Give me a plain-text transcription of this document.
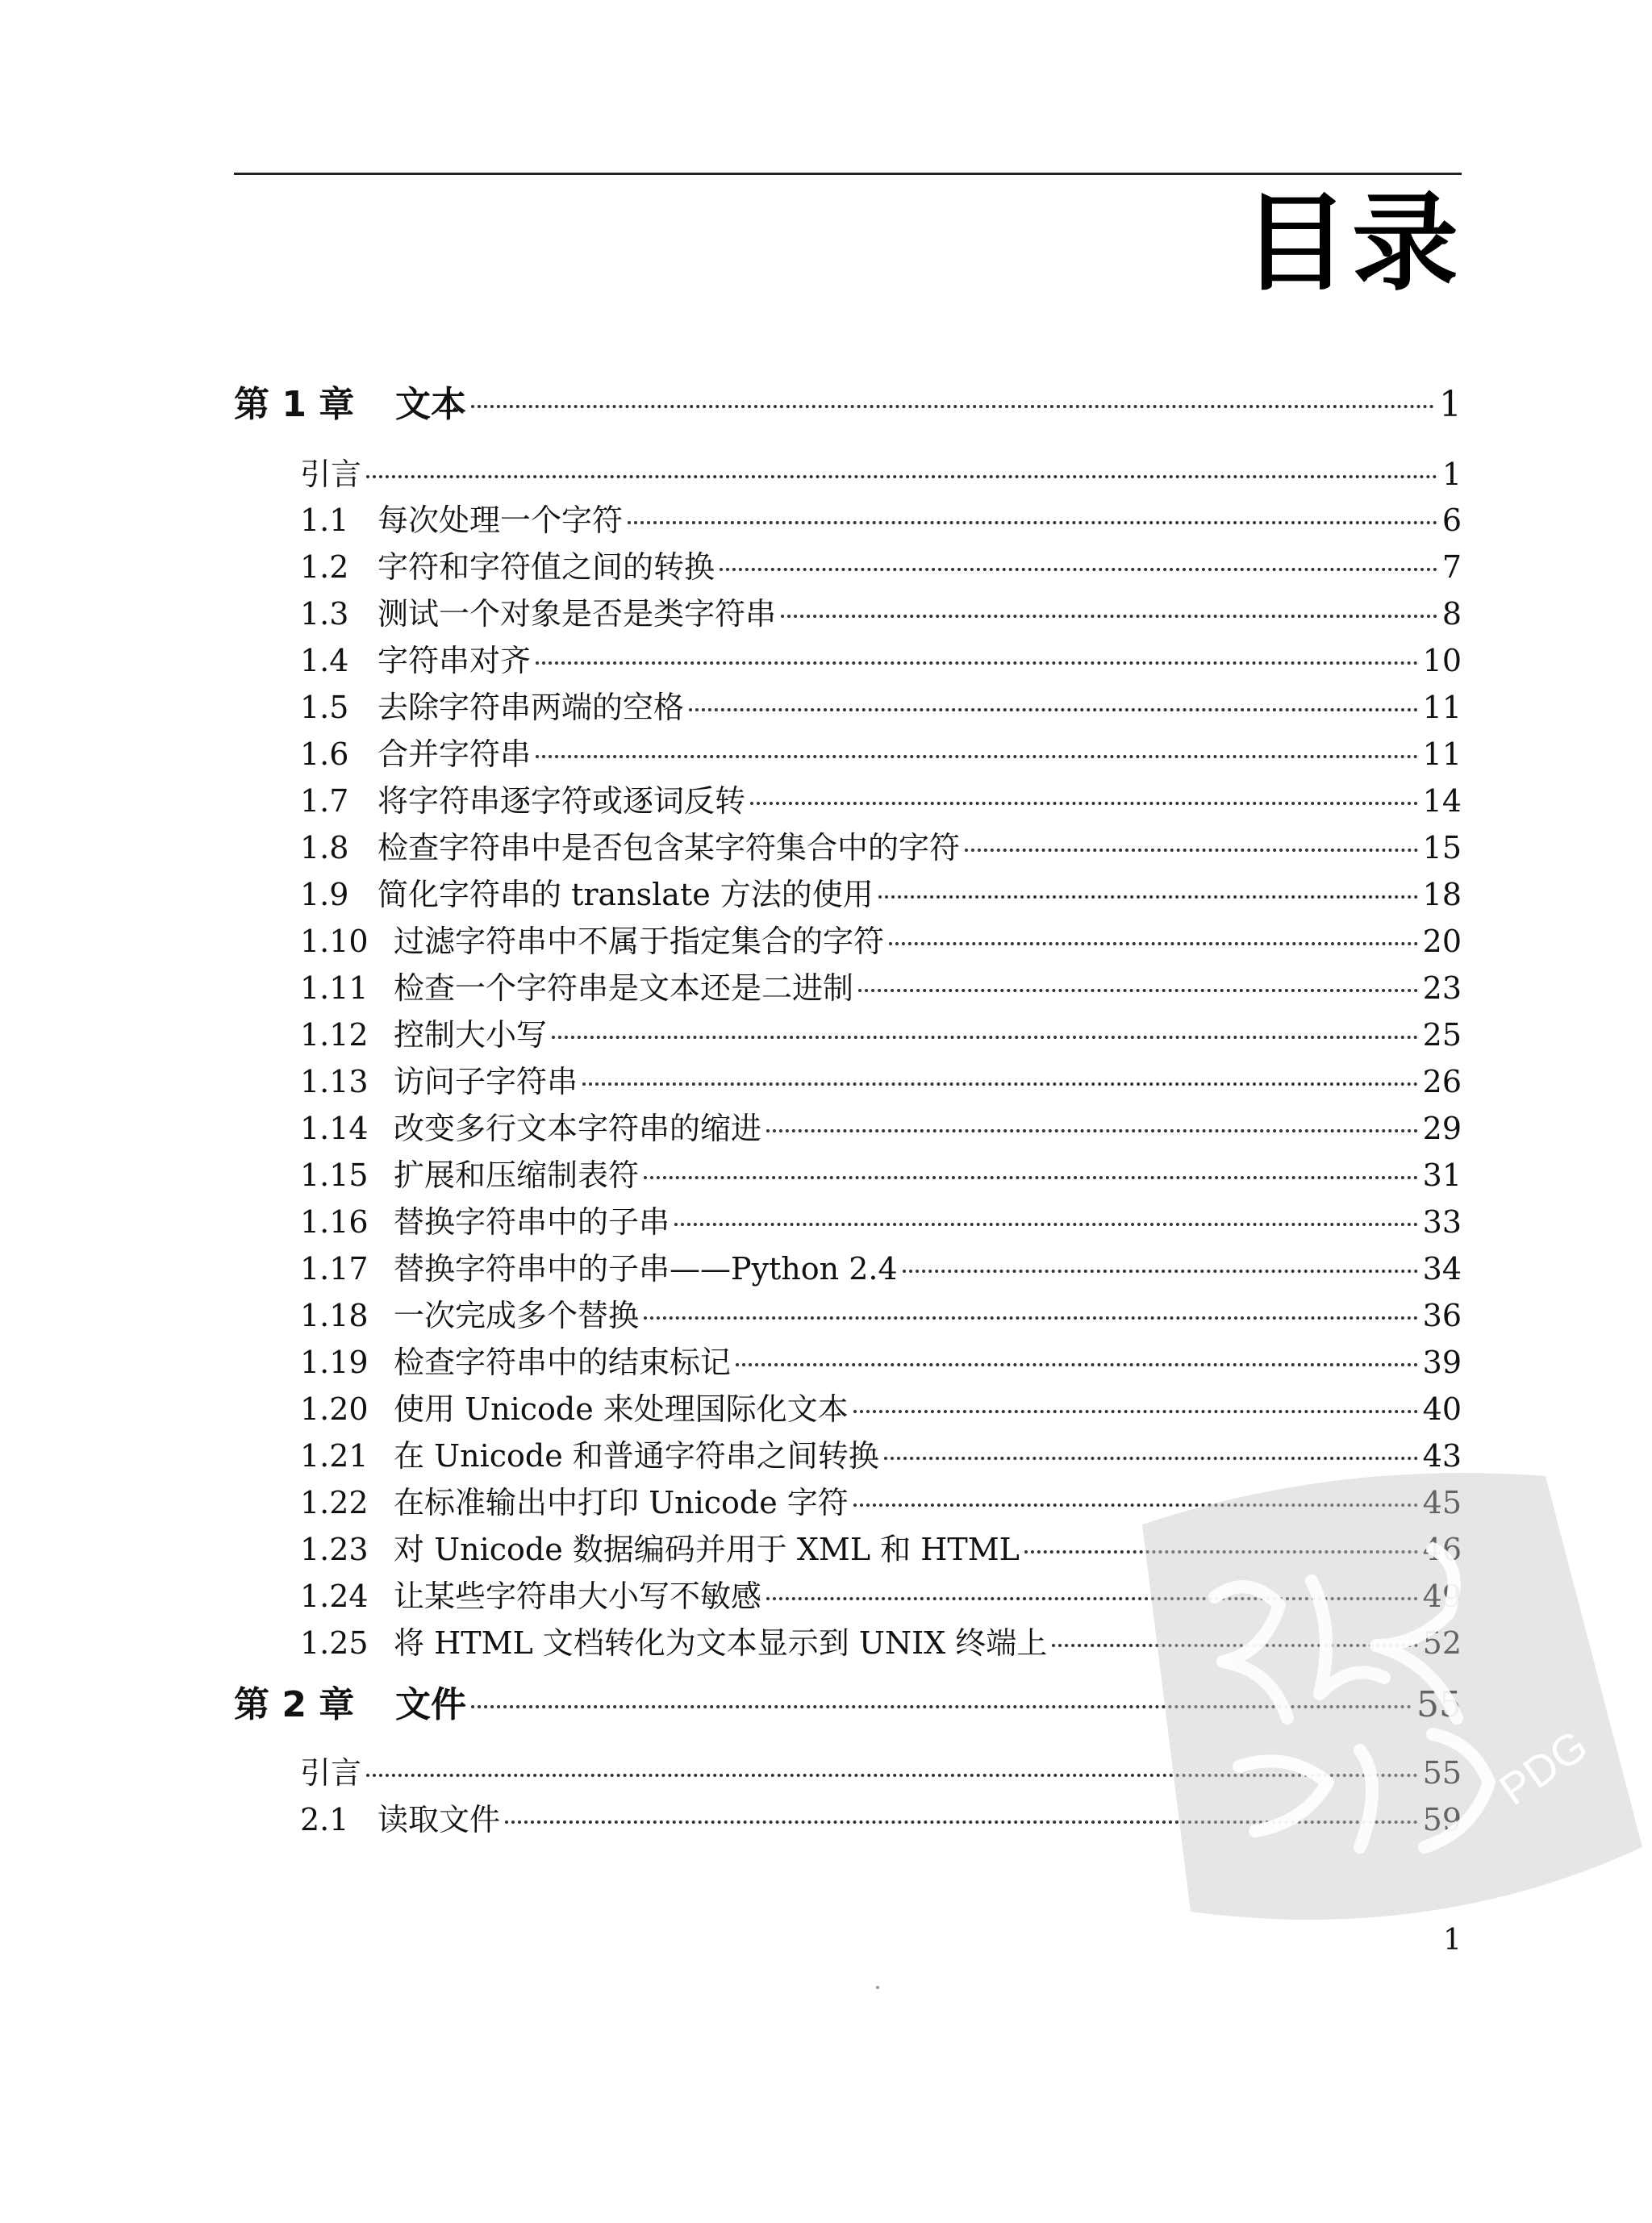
目录
第 1 章	文本	1
引言	1
1.1 每次处理一个字符	6
1.2 字符和字符值之间的转换	7
1.3 测试一个对象是否是类字符串	8
1.4 字符串对齐	10
1.5 去除字符串两端的空格	11
1.6 合并字符串	11
1.7 将字符串逐字符或逐词反转	14
1.8 检查字符串中是否包含某字符集合中的字符	15
1.9 简化字符串的 translate 方法的使用	18
1.10 过滤字符串中不属于指定集合的字符	20
1.11 检查一个字符串是文本还是二进制	23
1.12 控制大小写	25
1.13 访问子字符串	26
1.14 改变多行文本字符串的缩进	29
1.15 扩展和压缩制表符	31
1.16 替换字符串中的子串	33
1.17 替换字符串中的子串——Python 2.4	34
1.18 一次完成多个替换	36
1.19 检查字符串中的结束标记	39
1.20 使用 Unicode 来处理国际化文本	40
1.21 在 Unicode 和普通字符串之间转换	43
1.22 在标准输出中打印 Unicode 字符	45
1.23 对 Unicode 数据编码并用于 XML 和 HTML	46
1.24 让某些字符串大小写不敏感	49
1.25 将 HTML 文档转化为文本显示到 UNIX 终端上	52
第 2 章	文件	55
引言	55
2.1 读取文件	59
1
PDG
